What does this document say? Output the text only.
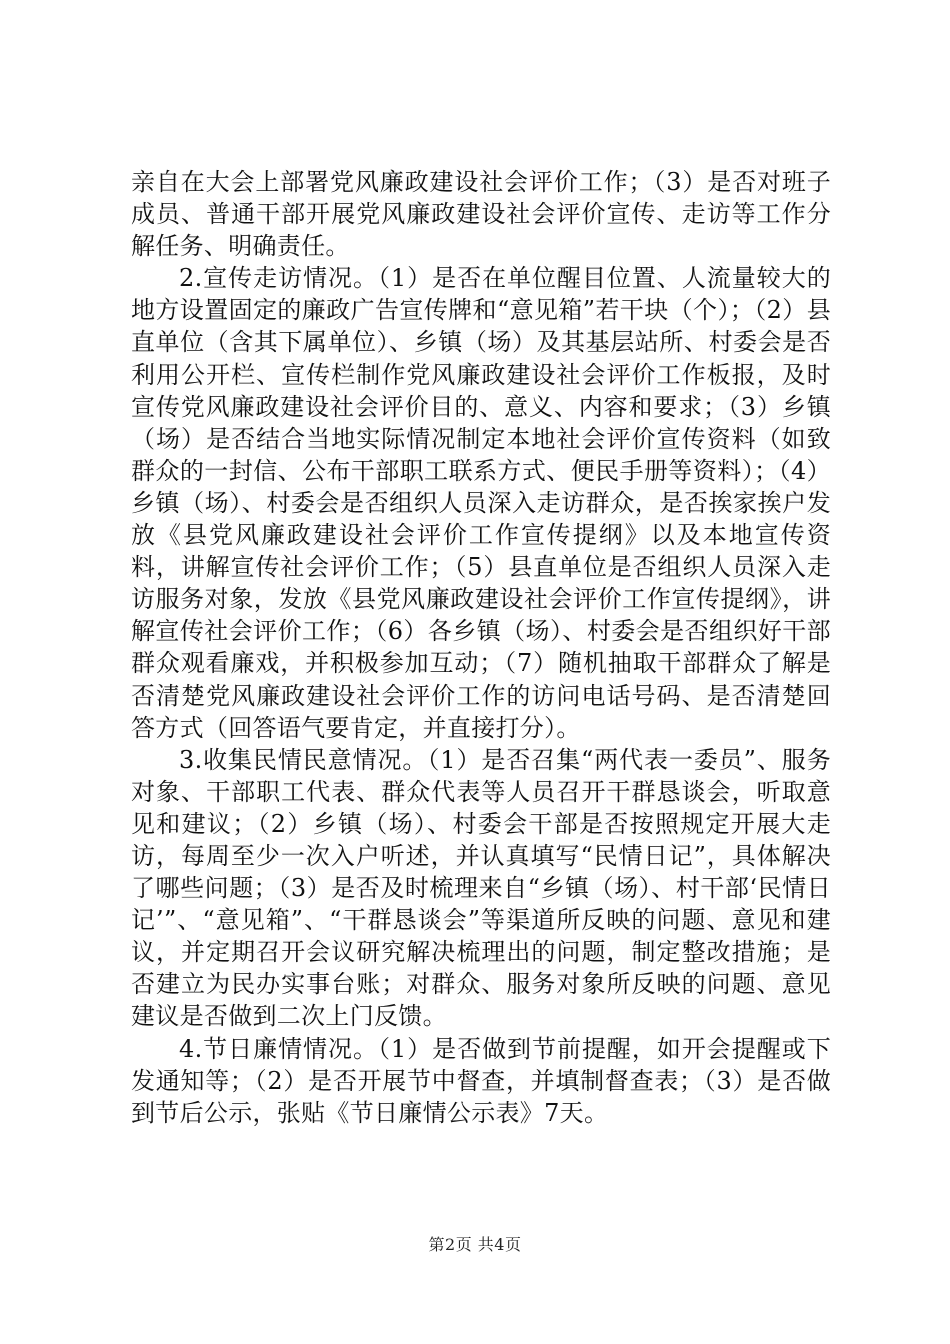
亲自在大会上部署党风廉政建设社会评价工作；（3）是否对班子成员、普通干部开展党风廉政建设社会评价宣传、走访等工作分解任务、明确责任。

2.宣传走访情况。（1）是否在单位醒目位置、人流量较大的地方设置固定的廉政广告宣传牌和“意见箱”若干块（个）；（2）县直单位（含其下属单位）、乡镇（场）及其基层站所、村委会是否利用公开栏、宣传栏制作党风廉政建设社会评价工作板报，及时宣传党风廉政建设社会评价目的、意义、内容和要求；（3）乡镇（场）是否结合当地实际情况制定本地社会评价宣传资料（如致群众的一封信、公布干部职工联系方式、便民手册等资料）；（4）乡镇（场）、村委会是否组织人员深入走访群众，是否挨家挨户发放《县党风廉政建设社会评价工作宣传提纲》以及本地宣传资料，讲解宣传社会评价工作；（5）县直单位是否组织人员深入走访服务对象，发放《县党风廉政建设社会评价工作宣传提纲》，讲解宣传社会评价工作；（6）各乡镇（场）、村委会是否组织好干部群众观看廉戏，并积极参加互动；（7）随机抽取干部群众了解是否清楚党风廉政建设社会评价工作的访问电话号码、是否清楚回答方式（回答语气要肯定，并直接打分）。

3.收集民情民意情况。（1）是否召集“两代表一委员”、服务对象、干部职工代表、群众代表等人员召开干群恳谈会，听取意见和建议；（2）乡镇（场）、村委会干部是否按照规定开展大走访，每周至少一次入户听述，并认真填写“民情日记”，具体解决了哪些问题；（3）是否及时梳理来自“乡镇（场）、村干部‘民情日记’”、“意见箱”、“干群恳谈会”等渠道所反映的问题、意见和建议，并定期召开会议研究解决梳理出的问题，制定整改措施；是否建立为民办实事台账；对群众、服务对象所反映的问题、意见建议是否做到二次上门反馈。

4.节日廉情情况。（1）是否做到节前提醒，如开会提醒或下发通知等；（2）是否开展节中督查，并填制督查表；（3）是否做到节后公示，张贴《节日廉情公示表》7天。

第2页 共4页
